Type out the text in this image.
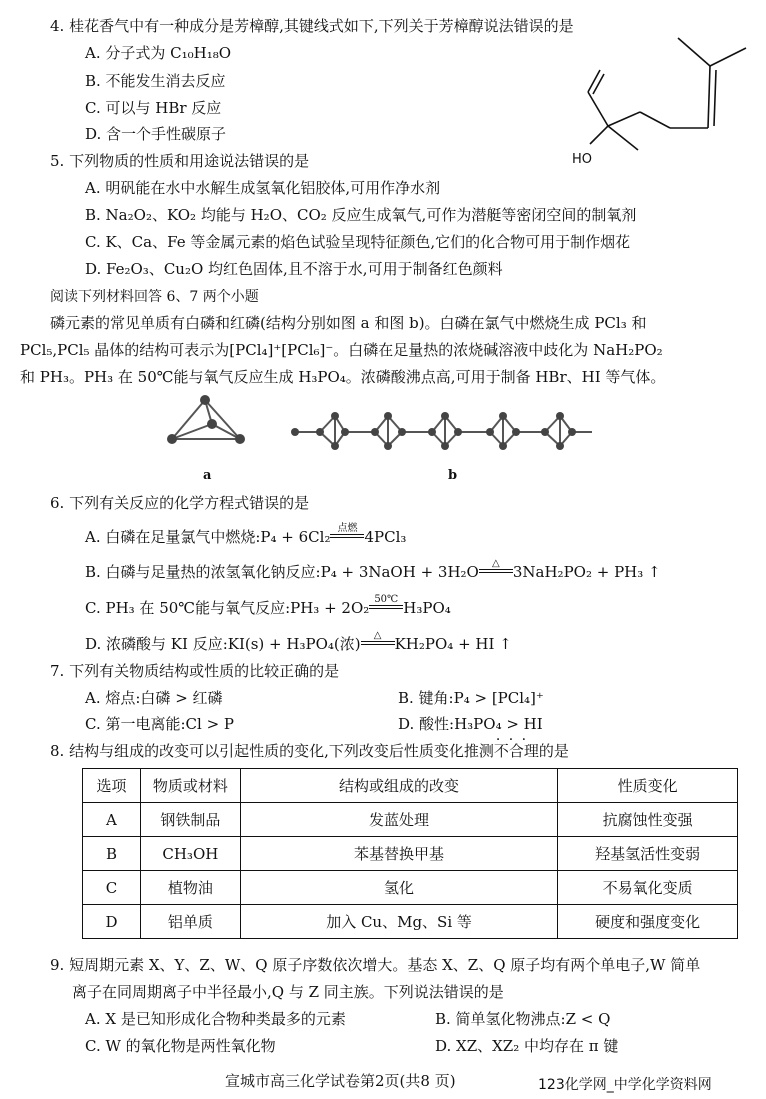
4. 桂花香气中有一种成分是芳樟醇,其键线式如下,下列关于芳樟醇说法错误的是
A. 分子式为 C₁₀H₁₈O
B. 不能发生消去反应
C. 可以与 HBr 反应
D. 含一个手性碳原子
HO
5. 下列物质的性质和用途说法错误的是
A. 明矾能在水中水解生成氢氧化铝胶体,可用作净水剂
B. Na₂O₂、KO₂ 均能与 H₂O、CO₂ 反应生成氧气,可作为潜艇等密闭空间的制氧剂
C. K、Ca、Fe 等金属元素的焰色试验呈现特征颜色,它们的化合物可用于制作烟花
D. Fe₂O₃、Cu₂O 均红色固体,且不溶于水,可用于制备红色颜料
阅读下列材料回答 6、7 两个小题
磷元素的常见单质有白磷和红磷(结构分别如图 a 和图 b)。白磷在氯气中燃烧生成 PCl₃ 和
PCl₅,PCl₅ 晶体的结构可表示为[PCl₄]⁺[PCl₆]⁻。白磷在足量热的浓烧碱溶液中歧化为 NaH₂PO₂
和 PH₃。PH₃ 在 50℃能与氧气反应生成 H₃PO₄。浓磷酸沸点高,可用于制备 HBr、HI 等气体。
a	b
6. 下列有关反应的化学方程式错误的是
A. 白磷在足量氯气中燃烧:P₄ + 6Cl₂ 点燃 4PCl₃
B. 白磷与足量热的浓氢氧化钠反应:P₄ + 3NaOH + 3H₂O	△ 3NaH₂PO₂ + PH₃ ↑
C. PH₃ 在 50℃能与氧气反应:PH₃ + 2O₂ 50℃ H₃PO₄
D. 浓磷酸与 KI 反应:KI(s) + H₃PO₄(浓)	△ KH₂PO₄ + HI ↑
7. 下列有关物质结构或性质的比较正确的是
A. 熔点:白磷 > 红磷	B. 键角:P₄ > [PCl₄]⁺
C. 第一电离能:Cl > P	D. 酸性:H₃PO₄ > HI
8. 结构与组成的改变可以引起性质的变化,下列改变后性质变化推测· · · 不合理的是
选项	物质或材料	结构或组成的改变	性质变化
A	钢铁制品	发蓝处理	抗腐蚀性变强
B	CH₃OH	苯基替换甲基	羟基氢活性变弱
C	植物油	氢化	不易氧化变质
D	铝单质	加入 Cu、Mg、Si 等	硬度和强度变化
9. 短周期元素 X、Y、Z、W、Q 原子序数依次增大。基态 X、Z、Q 原子均有两个单电子,W 简单
离子在同周期离子中半径最小,Q 与 Z 同主族。下列说法错误的是
A. X 是已知形成化合物种类最多的元素	B. 简单氢化物沸点:Z < Q
C. W 的氧化物是两性氧化物	D. XZ、XZ₂ 中均存在 π 键
宣城市高三化学试卷第2页(共8 页)	123化学网_中学化学资料网
